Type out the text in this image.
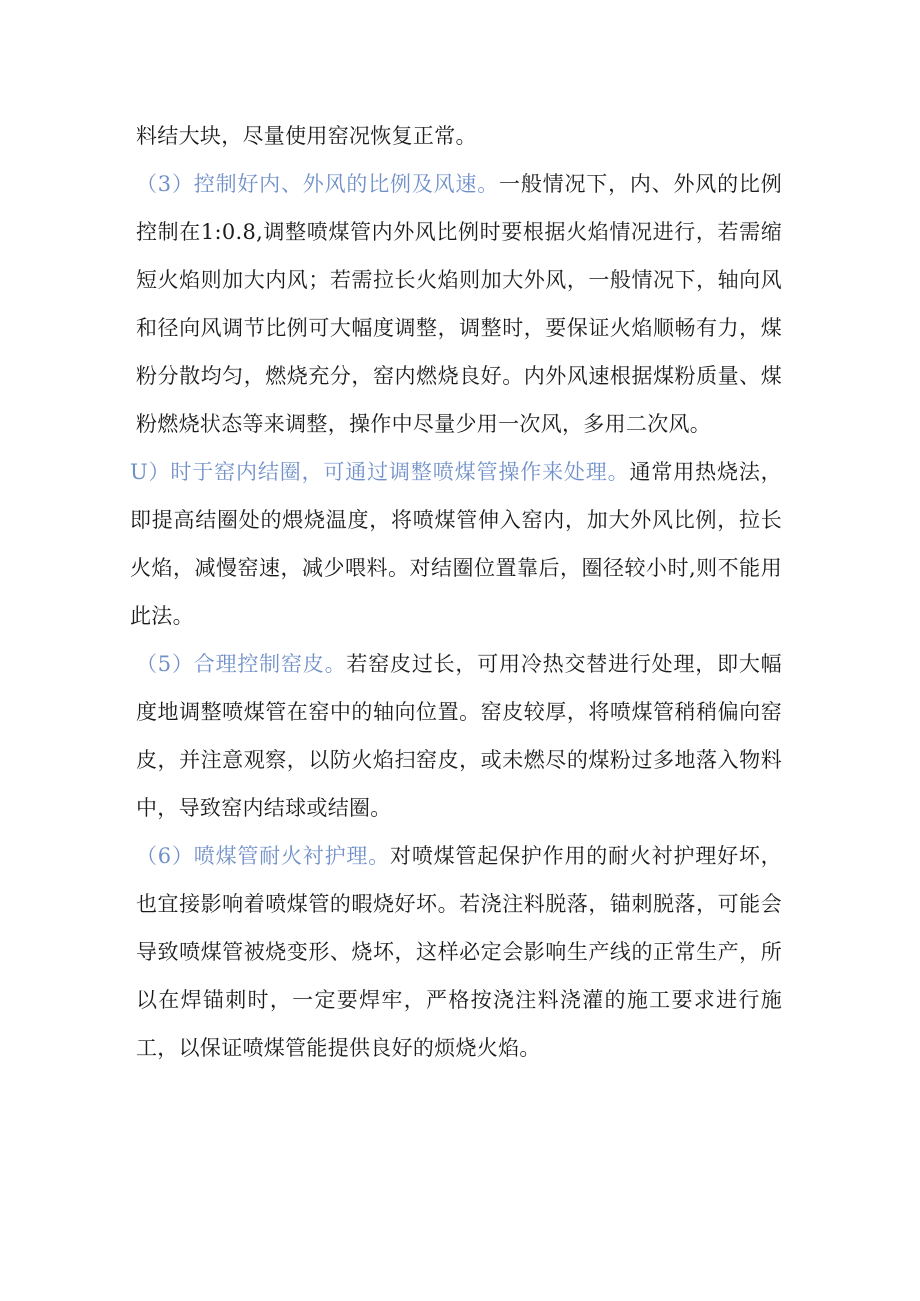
料结大块，尽量使用窑况恢复正常。

（3）控制好内、外风的比例及风速。一般情况下，内、外风的比例控制在1:0.8,调整喷煤管内外风比例时要根据火焰情况进行，若需缩短火焰则加大内风；若需拉长火焰则加大外风，一般情况下，轴向风和径向风调节比例可大幅度调整，调整时，要保证火焰顺畅有力，煤粉分散均匀，燃烧充分，窑内燃烧良好。内外风速根据煤粉质量、煤粉燃烧状态等来调整，操作中尽量少用一次风，多用二次风。

U）时于窑内结圈，可通过调整喷煤管操作来处理。通常用热烧法，即提高结圈处的煨烧温度，将喷煤管伸入窑内，加大外风比例，拉长火焰，减慢窑速，减少喂料。对结圈位置靠后，圈径较小时,则不能用此法。

（5）合理控制窑皮。若窑皮过长，可用冷热交替进行处理，即大幅度地调整喷煤管在窑中的轴向位置。窑皮较厚，将喷煤管稍稍偏向窑皮，并注意观察，以防火焰扫窑皮，或未燃尽的煤粉过多地落入物料中，导致窑内结球或结圈。

（6）喷煤管耐火衬护理。对喷煤管起保护作用的耐火衬护理好坏，也宜接影响着喷煤管的暇烧好坏。若浇注料脱落，锚刺脱落，可能会导致喷煤管被烧变形、烧坏，这样必定会影响生产线的正常生产，所以在焊锚刺时，一定要焊牢，严格按浇注料浇灌的施工要求进行施工，以保证喷煤管能提供良好的烦烧火焰。
